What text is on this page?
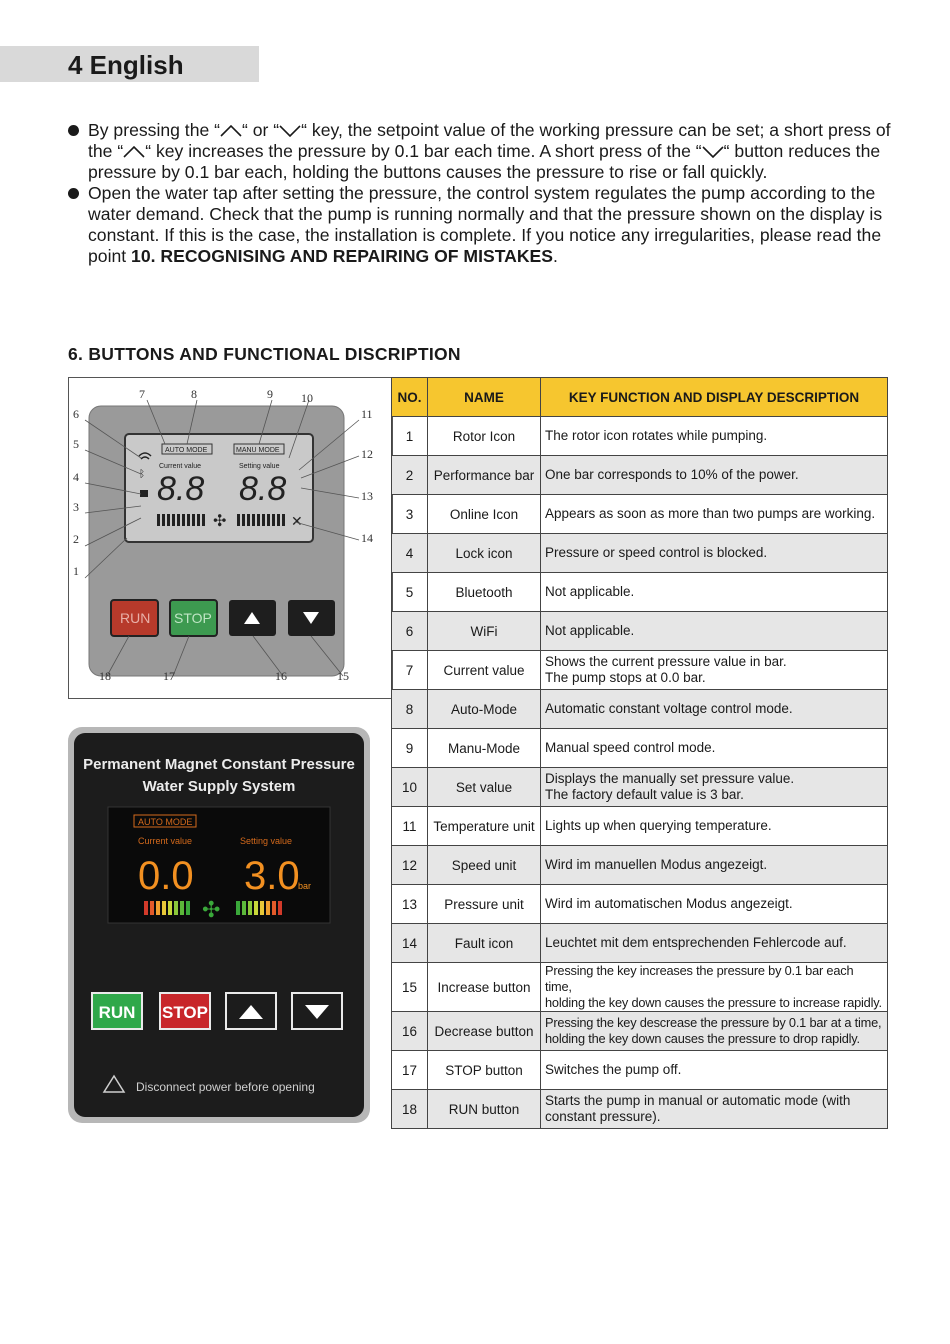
4 English
By pressing the “ “ or “ “ key, the setpoint value of the working pressure can be set; a short press of the “ “ key increases the pressure by 0.1 bar each time. A short press of the “ “ button reduces the pressure by 0.1 bar each, holding the buttons causes the pressure to rise or fall quickly.
Open the water tap after setting the pressure, the control system regulates the pump according to the water demand. Check that the pump is running normally and that the pressure shown on the display is constant. If this is the case, the installation is complete. If you notice any irregularities, please read the point 10. RECOGNISING AND REPAIRING OF MISTAKES.
6. BUTTONS AND FUNCTIONAL DISCRIPTION
AUTO MODE	MANU MODE
Current value	Setting value
8.8 8.8
ᛒ
✣	✕
RUN STOP
1
2
3
4
5
6
7	8	9 10
11
12
13
14
15
16
17
18
Permanent Magnet Constant Pressure
Water Supply System
AUTO MODE
Current value	Setting value
0.0 3.0
bar
✣
RUN STOP
Disconnect power before opening
NO.	NAME	KEY FUNCTION AND DISPLAY DESCRIPTION
1	Rotor Icon	The rotor icon rotates while pumping.
2	Performance bar	One bar corresponds to 10% of the power.
3	Online Icon	Appears as soon as more than two pumps are working.
4	Lock icon	Pressure or speed control is blocked.
5	Bluetooth	Not applicable.
6	WiFi	Not applicable.
7	Current value	Shows the current pressure value in bar.
The pump stops at 0.0 bar.
8	Auto-Mode	Automatic constant voltage control mode.
9	Manu-Mode	Manual speed control mode.
10	Set value	Displays the manually set pressure value.
The factory default value is 3 bar.
11	Temperature unit	Lights up when querying temperature.
12	Speed unit	Wird im manuellen Modus angezeigt.
13	Pressure unit	Wird im automatischen Modus angezeigt.
14	Fault icon	Leuchtet mit dem entsprechenden Fehlercode auf.
15	Increase button	Pressing the key increases the pressure by 0.1 bar each time,
holding the key down causes the pressure to increase rapidly.
16	Decrease button	Pressing the key descrease the pressure by 0.1 bar at a time,
holding the key down causes the pressure to drop rapidly.
17	STOP button	Switches the pump off.
18	RUN button	Starts the pump in manual or automatic mode (with
constant pressure).
